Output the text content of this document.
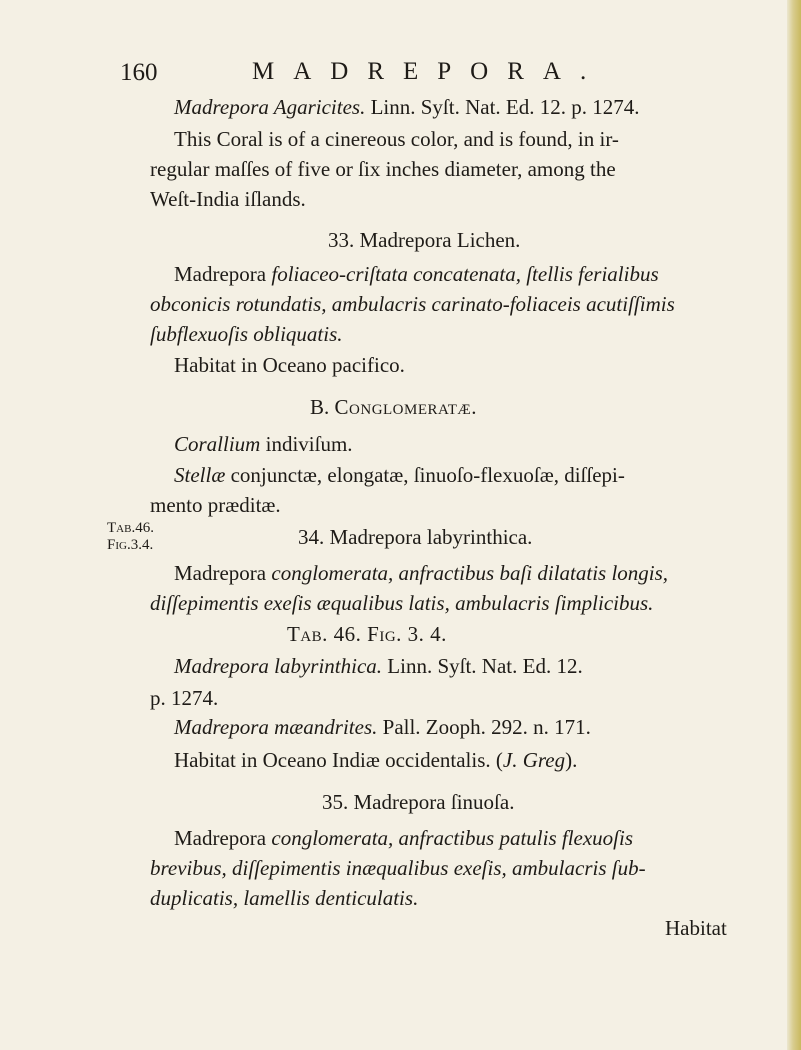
160	MADREPORA.
Madrepora Agaricites. Linn. Syſt. Nat. Ed. 12. p. 1274.
This Coral is of a cinereous color, and is found, in ir-
regular maſſes of five or ſix inches diameter, among the
Weſt-India iſlands.
33. Madrepora Lichen.
Madrepora foliaceo-criſtata concatenata, ſtellis ferialibus
obconicis rotundatis, ambulacris carinato-foliaceis acutiſſimis
ſubflexuoſis obliquatis.
Habitat in Oceano pacifico.
B. Conglomeratæ.
Corallium indiviſum.
Stellæ conjunctæ, elongatæ, ſinuoſo-flexuoſæ, diſſepi-
mento præditæ.
Tab.46.
Fig.3.4.	34. Madrepora labyrinthica.
Madrepora conglomerata, anfractibus baſi dilatatis longis,
diſſepimentis exeſis æqualibus latis, ambulacris ſimplicibus.
Tab. 46. Fig. 3. 4.
Madrepora labyrinthica. Linn. Syſt. Nat. Ed. 12.
p. 1274.
Madrepora mæandrites. Pall. Zooph. 292. n. 171.
Habitat in Oceano Indiæ occidentalis. (J. Greg).
35. Madrepora ſinuoſa.
Madrepora conglomerata, anfractibus patulis flexuoſis
brevibus, diſſepimentis inæqualibus exeſis, ambulacris ſub-
duplicatis, lamellis denticulatis.
Habitat
